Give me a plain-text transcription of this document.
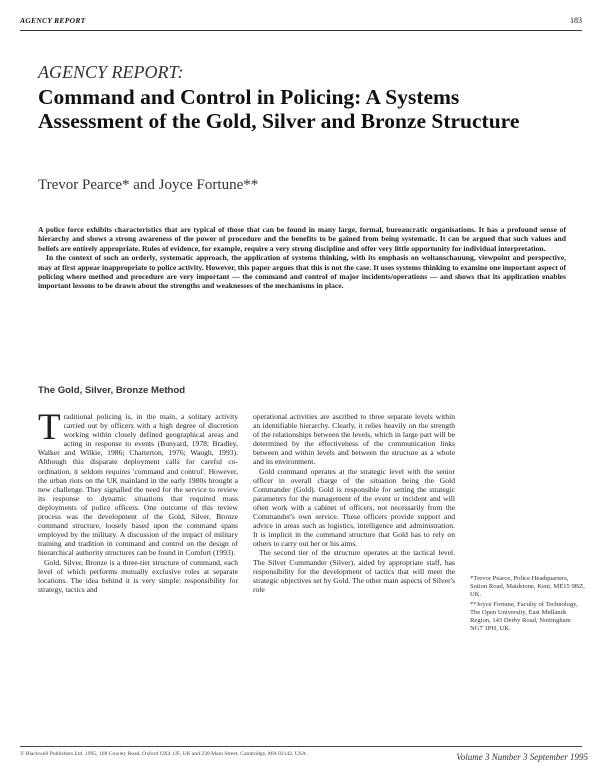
AGENCY REPORT	183
AGENCY REPORT:
Command and Control in Policing: A Systems Assessment of the Gold, Silver and Bronze Structure
Trevor Pearce* and Joyce Fortune**

A police force exhibits characteristics that are typical of those that can be found in many large, formal, bureaucratic organisations. It has a profound sense of hierarchy and shows a strong awareness of the power of procedure and the benefits to be gained from being systematic. It can be argued that such values and beliefs are entirely appropriate. Rules of evidence, for example, require a very strong discipline and offer very little opportunity for individual interpretation.

In the context of such an orderly, systematic approach, the application of systems thinking, with its emphasis on weltanschauung, viewpoint and perspective, may at first appear inappropriate to police activity. However, this paper argues that this is not the case. It uses systems thinking to examine one important aspect of policing where method and procedure are very important — the command and control of major incidents/operations — and shows that its application enables important lessons to be drawn about the strengths and weaknesses of the mechanisms in place.

The Gold, Silver, Bronze Method

Traditional policing is, in the main, a solitary activity carried out by officers with a high degree of discretion working within closely defined geographical areas and acting in response to events (Bunyard, 1978; Bradley, Walker and Wilkie, 1986; Charterton, 1976; Waugh, 1993). Although this disparate deployment calls for careful co-ordination, it seldom requires 'command and control'. However, the urban riots on the UK mainland in the early 1980s brought a new challenge. They signalled the need for the service to review its response to dynamic situations that required mass deployments of police officers. One outcome of this review process was the development of the Gold, Silver, Bronze command structure, loosely based upon the command spans employed by the military. A discussion of the impact of military training and tradition in command and control on the design of hierarchical authority structures can be found in Comfort (1993).

Gold, Silver, Bronze is a three-tier structure of command, each level of which performs mutually exclusive roles at separate locations. The idea behind it is very simple: responsibility for strategy, tactics and

operational activities are ascribed to three separate levels within an identifiable hierarchy. Clearly, it relies heavily on the strength of the relationships between the levels, which in large part will be determined by the effectiveness of the communication links between and within levels and between the structure as a whole and its environment.

Gold command operates at the strategic level with the senior officer in overall charge of the situation being the Gold Commander (Gold). Gold is responsible for setting the strategic parameters for the management of the event or incident and will often work with a cabinet of officers, not necessarily from the Commander's own service. These officers provide support and advice in areas such as logistics, intelligence and administration. It is implicit in the command structure that Gold has to rely on others to carry out her or his aims.

The second tier of the structure operates at the tactical level. The Silver Commander (Silver), aided by appropriate staff, has responsibility for the development of tactics that will meet the strategic objectives set by Gold. The other main aspects of Silver's role

*Trevor Pearce, Police Headquarters, Sutton Road, Maidstone, Kent, ME15 9BZ, UK.

**Joyce Fortune, Faculty of Technology, The Open University, East Midlands Region, 143 Derby Road, Nottingham NG7 1PH, UK.

© Blackwell Publishers Ltd. 1995, 108 Cowley Road, Oxford OX4 1JF, UK and 238 Main Street, Cambridge, MA 02142, USA.	Volume 3 Number 3 September 1995
